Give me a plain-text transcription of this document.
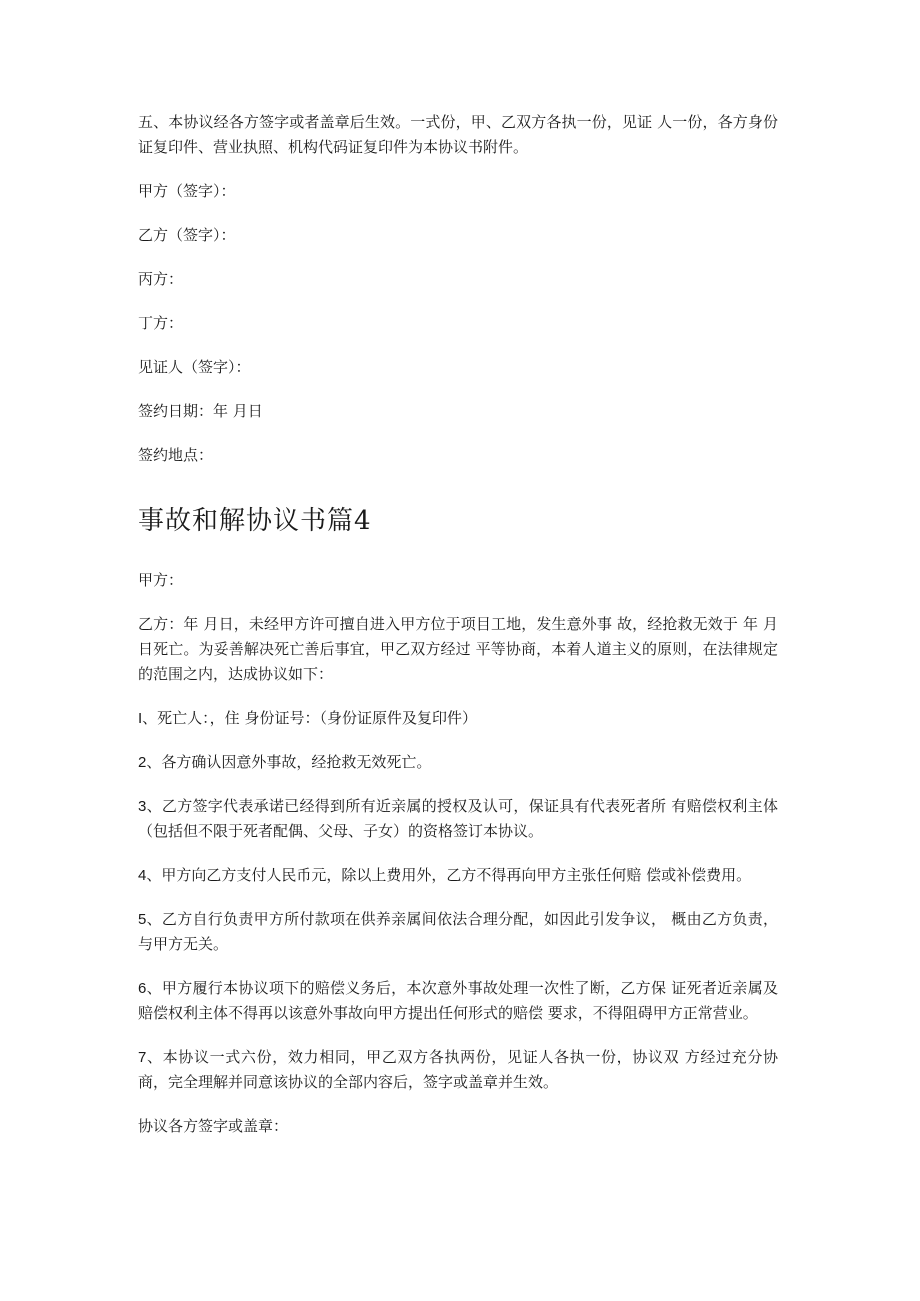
五、本协议经各方签字或者盖章后生效。一式份，甲、乙双方各执一份，见证 人一份，各方身份证复印件、营业执照、机构代码证复印件为本协议书附件。

甲方（签字）：

乙方（签字）：

丙方：

丁方：

见证人（签字）：

签约日期：年 月日

签约地点：

事故和解协议书篇4

甲方：

乙方：年 月日，未经甲方许可擅自进入甲方位于项目工地，发生意外事 故，经抢救无效于 年 月 日死亡。为妥善解决死亡善后事宜，甲乙双方经过 平等协商，本着人道主义的原则，在法律规定的范围之内，达成协议如下：

I、死亡人：，住 身份证号：（身份证原件及复印件）

2、各方确认因意外事故，经抢救无效死亡。

3、乙方签字代表承诺已经得到所有近亲属的授权及认可，保证具有代表死者所 有赔偿权利主体（包括但不限于死者配偶、父母、子女）的资格签订本协议。

4、甲方向乙方支付人民币元，除以上费用外，乙方不得再向甲方主张任何赔 偿或补偿费用。

5、乙方自行负责甲方所付款项在供养亲属间依法合理分配，如因此引发争议， 概由乙方负责，与甲方无关。

6、甲方履行本协议项下的赔偿义务后，本次意外事故处理一次性了断，乙方保 证死者近亲属及赔偿权利主体不得再以该意外事故向甲方提出任何形式的赔偿 要求，不得阻碍甲方正常营业。

7、本协议一式六份，效力相同，甲乙双方各执两份，见证人各执一份，协议双 方经过充分协商，完全理解并同意该协议的全部内容后，签字或盖章并生效。

协议各方签字或盖章：
